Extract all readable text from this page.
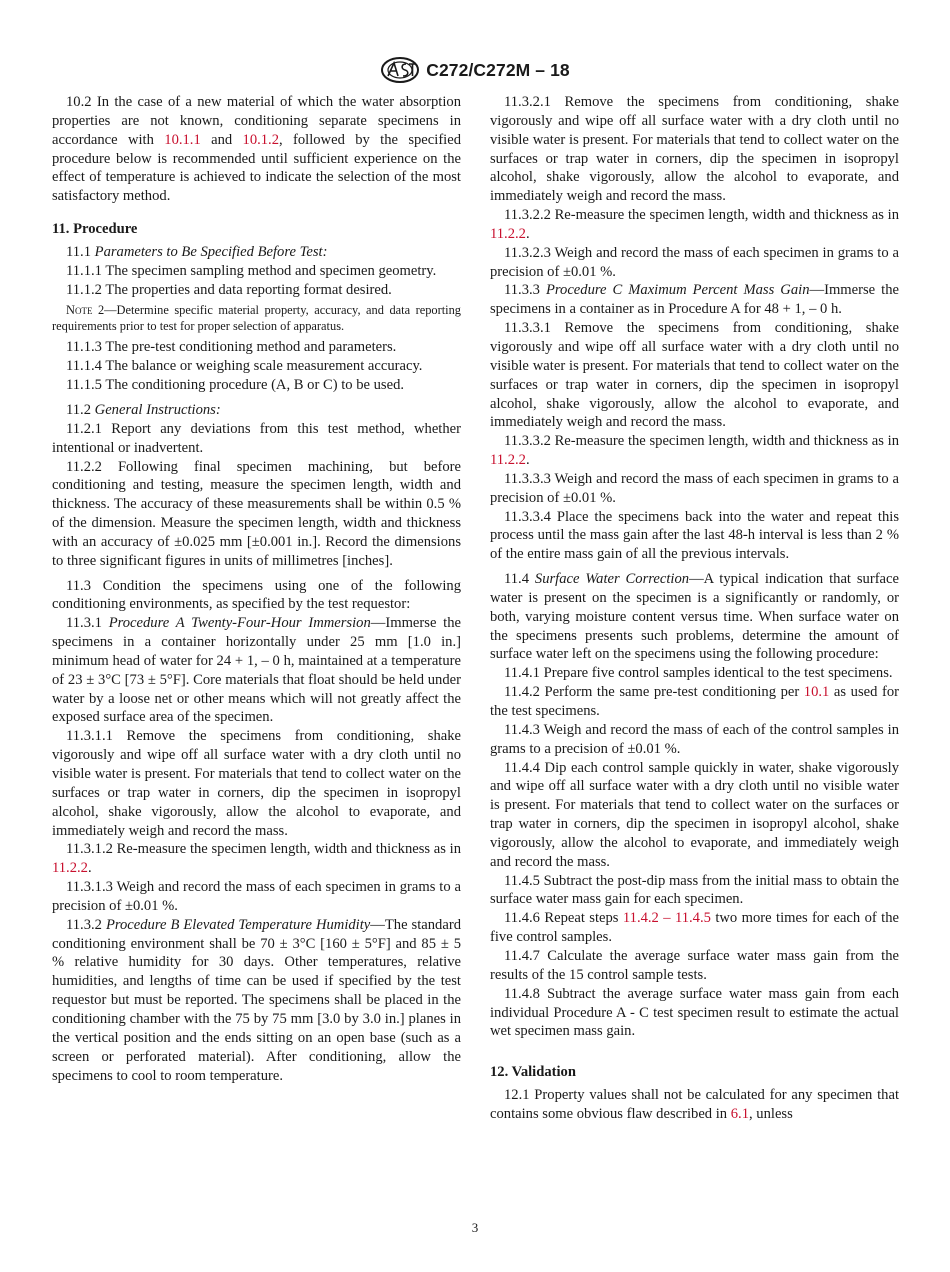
C272/C272M – 18

10.2 In the case of a new material of which the water absorption properties are not known, conditioning separate specimens in accordance with 10.1.1 and 10.1.2, followed by the specified procedure below is recommended until sufficient experience on the effect of temperature is achieved to indicate the selection of the most satisfactory method.

11. Procedure

11.1 Parameters to Be Specified Before Test:

11.1.1 The specimen sampling method and specimen geometry.

11.1.2 The properties and data reporting format desired.

Note 2—Determine specific material property, accuracy, and data reporting requirements prior to test for proper selection of apparatus.

11.1.3 The pre-test conditioning method and parameters.

11.1.4 The balance or weighing scale measurement accuracy.

11.1.5 The conditioning procedure (A, B or C) to be used.

11.2 General Instructions:

11.2.1 Report any deviations from this test method, whether intentional or inadvertent.

11.2.2 Following final specimen machining, but before conditioning and testing, measure the specimen length, width and thickness. The accuracy of these measurements shall be within 0.5 % of the dimension. Measure the specimen length, width and thickness with an accuracy of ±0.025 mm [±0.001 in.]. Record the dimensions to three significant figures in units of millimetres [inches].

11.3 Condition the specimens using one of the following conditioning environments, as specified by the test requestor:

11.3.1 Procedure A Twenty-Four-Hour Immersion—Immerse the specimens in a container horizontally under 25 mm [1.0 in.] minimum head of water for 24 + 1, – 0 h, maintained at a temperature of 23 ± 3°C [73 ± 5°F]. Core materials that float should be held under water by a loose net or other means which will not greatly affect the exposed surface area of the specimen.

11.3.1.1 Remove the specimens from conditioning, shake vigorously and wipe off all surface water with a dry cloth until no visible water is present. For materials that tend to collect water on the surfaces or trap water in corners, dip the specimen in isopropyl alcohol, shake vigorously, allow the alcohol to evaporate, and immediately weigh and record the mass.

11.3.1.2 Re-measure the specimen length, width and thickness as in 11.2.2.

11.3.1.3 Weigh and record the mass of each specimen in grams to a precision of ±0.01 %.

11.3.2 Procedure B Elevated Temperature Humidity—The standard conditioning environment shall be 70 ± 3°C [160 ± 5°F] and 85 ± 5 % relative humidity for 30 days. Other temperatures, relative humidities, and lengths of time can be used if specified by the test requestor but must be reported. The specimens shall be placed in the conditioning chamber with the 75 by 75 mm [3.0 by 3.0 in.] planes in the vertical position and the ends sitting on an open base (such as a screen or perforated material). After conditioning, allow the specimens to cool to room temperature.

11.3.2.1 Remove the specimens from conditioning, shake vigorously and wipe off all surface water with a dry cloth until no visible water is present. For materials that tend to collect water on the surfaces or trap water in corners, dip the specimen in isopropyl alcohol, shake vigorously, allow the alcohol to evaporate, and immediately weigh and record the mass.

11.3.2.2 Re-measure the specimen length, width and thickness as in 11.2.2.

11.3.2.3 Weigh and record the mass of each specimen in grams to a precision of ±0.01 %.

11.3.3 Procedure C Maximum Percent Mass Gain—Immerse the specimens in a container as in Procedure A for 48 + 1, – 0 h.

11.3.3.1 Remove the specimens from conditioning, shake vigorously and wipe off all surface water with a dry cloth until no visible water is present. For materials that tend to collect water on the surfaces or trap water in corners, dip the specimen in isopropyl alcohol, shake vigorously, allow the alcohol to evaporate, and immediately weigh and record the mass.

11.3.3.2 Re-measure the specimen length, width and thickness as in 11.2.2.

11.3.3.3 Weigh and record the mass of each specimen in grams to a precision of ±0.01 %.

11.3.3.4 Place the specimens back into the water and repeat this process until the mass gain after the last 48-h interval is less than 2 % of the entire mass gain of all the previous intervals.

11.4 Surface Water Correction—A typical indication that surface water is present on the specimen is a significantly or randomly, or both, varying moisture content versus time. When surface water on the specimens presents such problems, determine the amount of surface water left on the specimens using the following procedure:

11.4.1 Prepare five control samples identical to the test specimens.

11.4.2 Perform the same pre-test conditioning per 10.1 as used for the test specimens.

11.4.3 Weigh and record the mass of each of the control samples in grams to a precision of ±0.01 %.

11.4.4 Dip each control sample quickly in water, shake vigorously and wipe off all surface water with a dry cloth until no visible water is present. For materials that tend to collect water on the surfaces or trap water in corners, dip the specimen in isopropyl alcohol, shake vigorously, allow the alcohol to evaporate, and immediately weigh and record the mass.

11.4.5 Subtract the post-dip mass from the initial mass to obtain the surface water mass gain for each specimen.

11.4.6 Repeat steps 11.4.2 – 11.4.5 two more times for each of the five control samples.

11.4.7 Calculate the average surface water mass gain from the results of the 15 control sample tests.

11.4.8 Subtract the average surface water mass gain from each individual Procedure A - C test specimen result to estimate the actual wet specimen mass gain.

12. Validation

12.1 Property values shall not be calculated for any specimen that contains some obvious flaw described in 6.1, unless

3
